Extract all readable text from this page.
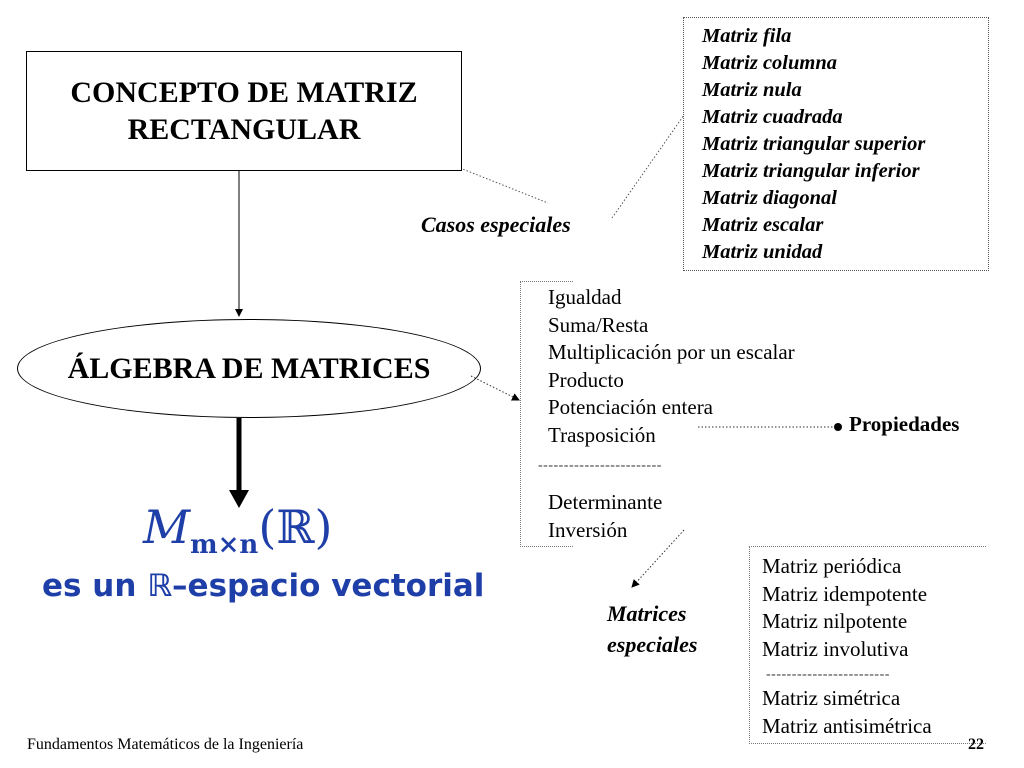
CONCEPTO DE MATRIZ
RECTANGULAR
ÁLGEBRA DE MATRICES
Casos especiales
Matriz fila
Matriz columna
Matriz nula
Matriz cuadrada
Matriz triangular superior
Matriz triangular inferior
Matriz diagonal
Matriz escalar
Matriz unidad
Igualdad
Suma/Resta
Multiplicación por un escalar
Producto
Potenciación entera
Trasposición
------------------------
Determinante
Inversión
Propiedades
Matrices
especiales
Matriz periódica
Matriz idempotente
Matriz nilpotente
Matriz involutiva
------------------------
Matriz simétrica
Matriz antisimétrica
$M_{m\times n}(ℝ)$
es un ℝ–espacio vectorial
Fundamentos Matemáticos de la Ingeniería	22
